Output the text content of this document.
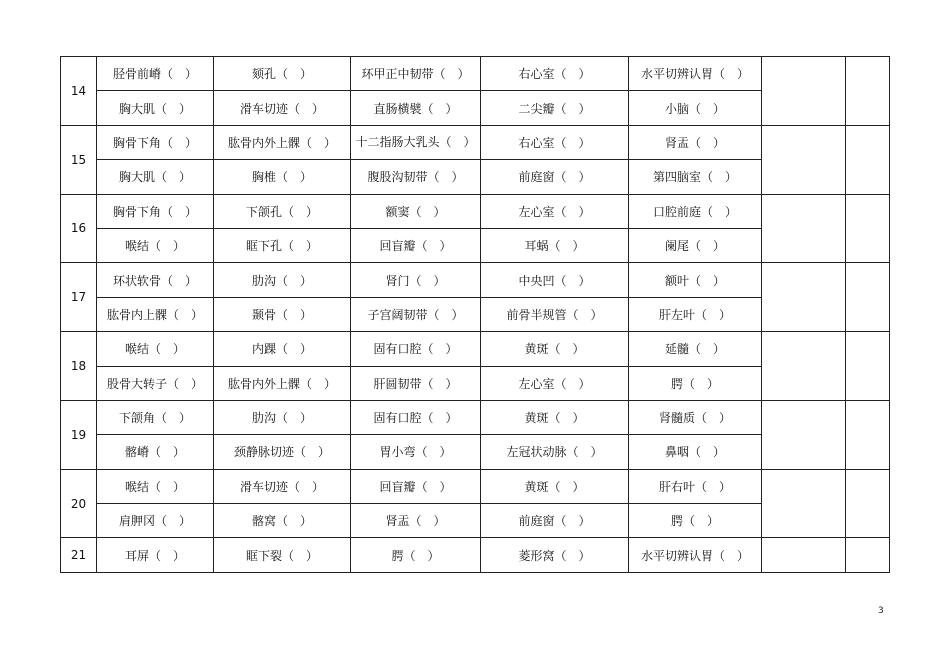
14	胫骨前嵴（　）	颏孔（　）	环甲正中韧带（　）	右心室（　）	水平切辨认胃（　）		
	胸大肌（　）	滑车切迹（　）	直肠横襞（　）	二尖瓣（　）	小脑（　）		
15	胸骨下角（　）	肱骨内外上髁（　）	十二指肠大乳头（　）	右心室（　）	肾盂（　）		
	胸大肌（　）	胸椎（　）	腹股沟韧带（　）	前庭窗（　）	第四脑室（　）		
16	胸骨下角（　）	下颌孔（　）	额窦（　）	左心室（　）	口腔前庭（　）		
	喉结（　）	眶下孔（　）	回盲瓣（　）	耳蜗（　）	阑尾（　）		
17	环状软骨（　）	肋沟（　）	肾门（　）	中央凹（　）	额叶（　）		
	肱骨内上髁（　）	颞骨（　）	子宫阔韧带（　）	前骨半规管（　）	肝左叶（　）		
18	喉结（　）	内踝（　）	固有口腔（　）	黄斑（　）	延髓（　）		
	股骨大转子（　）	肱骨内外上髁（　）	肝圆韧带（　）	左心室（　）	腭（　）		
19	下颌角（　）	肋沟（　）	固有口腔（　）	黄斑（　）	肾髓质（　）		
	髂嵴（　）	颈静脉切迹（　）	胃小弯（　）	左冠状动脉（　）	鼻咽（　）		
20	喉结（　）	滑车切迹（　）	回盲瓣（　）	黄斑（　）	肝右叶（　）		
	肩胛冈（　）	髂窝（　）	肾盂（　）	前庭窗（　）	腭（　）		
21	耳屏（　）	眶下裂（　）	腭（　）	菱形窝（　）	水平切辨认胃（　）		
3
